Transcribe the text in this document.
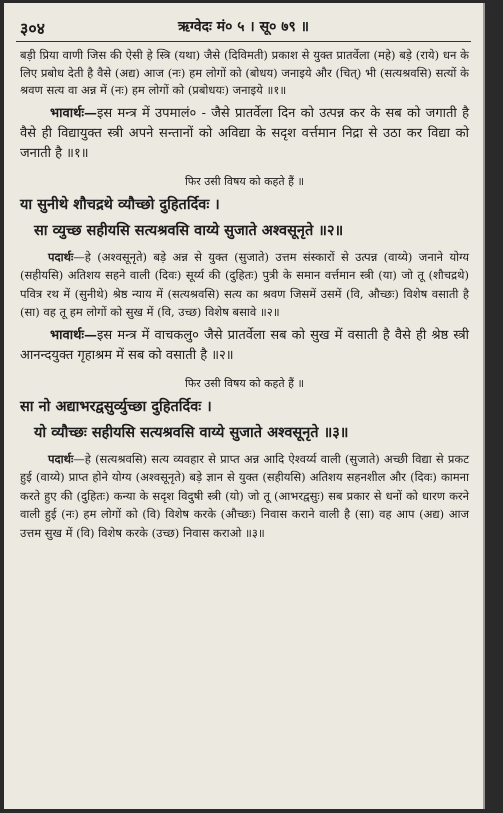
३०४	ऋग्वेदः मं० ५ । सू० ७९ ॥

बड़ी प्रिया वाणी जिस की ऐसी हे स्त्रि (यथा) जैसे (दिविमती) प्रकाश से युक्त प्रातर्वेला (महे) बड़े (राये) धन के लिए प्रबोध देती है वैसे (अद्य) आज (नः) हम लोगों को (बोधय) जनाइये और (चित्) भी (सत्यश्रवसि) सत्यों के श्रवण सत्य वा अन्न में (नः) हम लोगों को (प्रबोधयः) जनाइये ॥१॥

भावार्थः—इस मन्त्र में उपमालं० - जैसे प्रातर्वेला दिन को उत्पन्न कर के सब को जगाती है वैसे ही विद्यायुक्त स्त्री अपने सन्तानों को अविद्या के सदृश वर्त्तमान निद्रा से उठा कर विद्या को जनाती है ॥१॥

फिर उसी विषय को कहते हैं ॥

या सुनीथे शौचद्रथे व्यौच्छो दुहितर्दिवः ।

सा व्युच्छ सहीयसि सत्यश्रवसि वाय्ये सुजाते अश्वसूनृते ॥२॥

पदार्थः—हे (अश्वसूनृते) बड़े अन्न से युक्त (सुजाते) उत्तम संस्कारों से उत्पन्न (वाय्ये) जनाने योग्य (सहीयसि) अतिशय सहने वाली (दिवः) सूर्य्य की (दुहितः) पुत्री के समान वर्त्तमान स्त्री (या) जो तू (शौचद्रथे) पवित्र रथ में (सुनीथे) श्रेष्ठ न्याय में (सत्यश्रवसि) सत्य का श्रवण जिसमें उसमें (वि, औच्छः) विशेष वसाती है (सा) वह तू हम लोगों को सुख में (वि, उच्छ) विशेष बसावे ॥२॥

भावार्थः—इस मन्त्र में वाचकलु० जैसे प्रातर्वेला सब को सुख में वसाती है वैसे ही श्रेष्ठ स्त्री आनन्दयुक्त गृहाश्रम में सब को वसाती है ॥२॥

फिर उसी विषय को कहते हैं ॥

सा नो अद्याभरद्वसुर्व्युच्छा दुहितर्दिवः ।

यो व्यौच्छः सहीयसि सत्यश्रवसि वाय्ये सुजाते अश्वसूनृते ॥३॥

पदार्थः—हे (सत्यश्रवसि) सत्य व्यवहार से प्राप्त अन्न आदि ऐश्वर्य्य वाली (सुजाते) अच्छी विद्या से प्रकट हुई (वाय्ये) प्राप्त होने योग्य (अश्वसूनृते) बड़े ज्ञान से युक्त (सहीयसि) अतिशय सहनशील और (दिवः) कामना करते हुए की (दुहितः) कन्या के सदृश विदुषी स्त्री (यो) जो तू (आभरद्वसुः) सब प्रकार से धनों को धारण करने वाली हुई (नः) हम लोगों को (वि) विशेष करके (औच्छः) निवास कराने वाली है (सा) वह आप (अद्य) आज उत्तम सुख में (वि) विशेष करके (उच्छ) निवास कराओ ॥३॥
